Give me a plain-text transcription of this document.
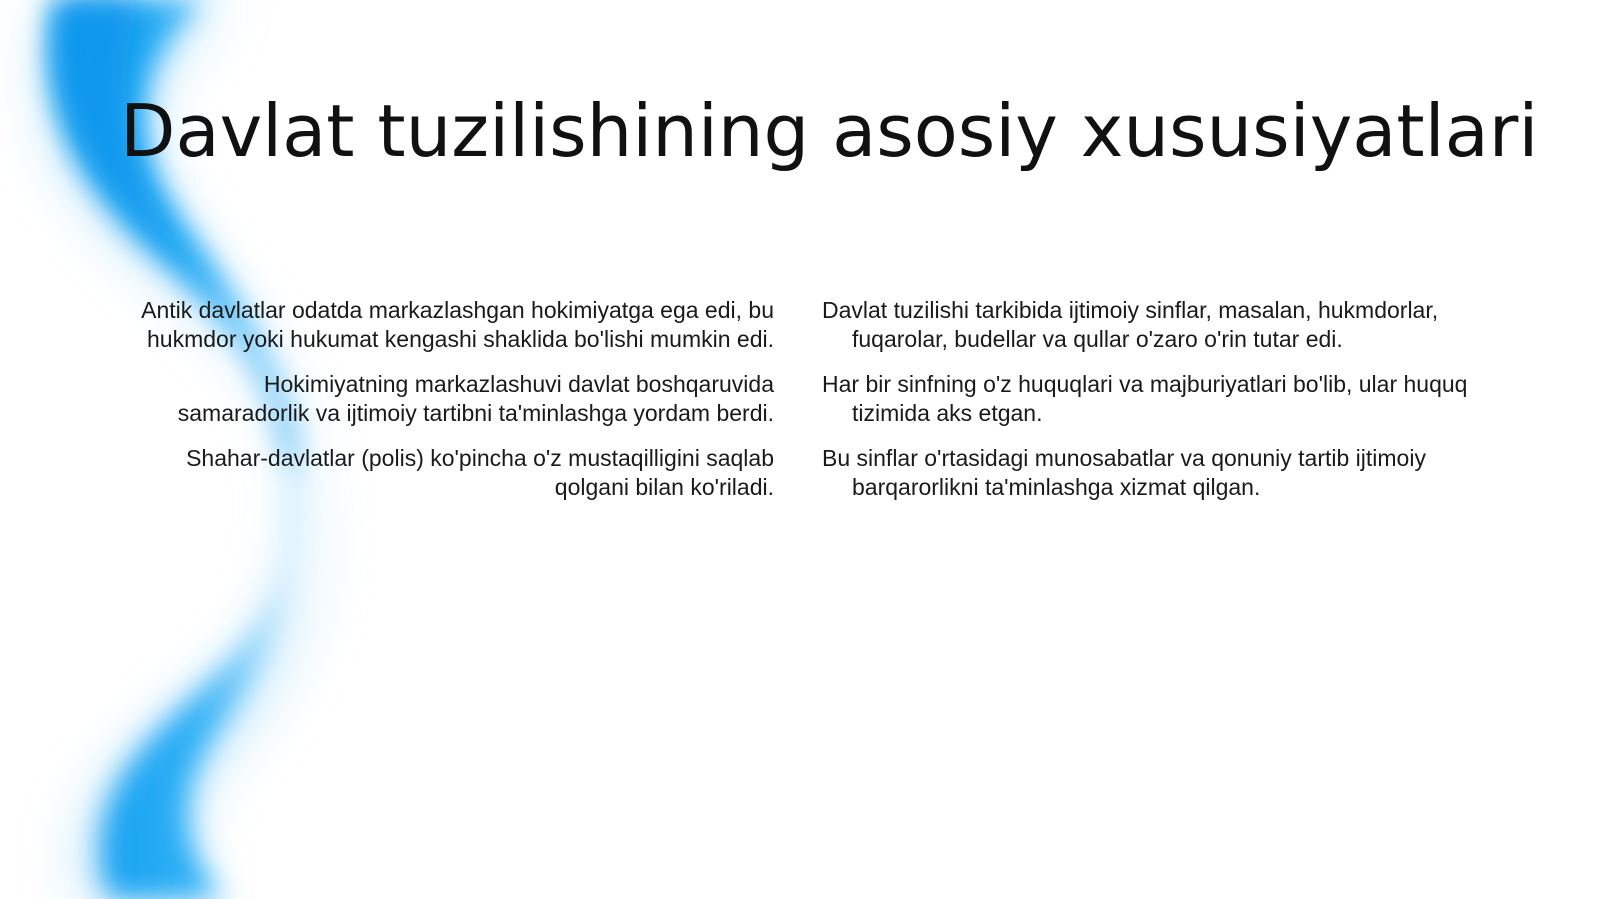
Davlat tuzilishining asosiy xususiyatlari
Antik davlatlar odatda markazlashgan hokimiyatga ega edi, bu hukmdor yoki hukumat kengashi shaklida bo'lishi mumkin edi.
Hokimiyatning markazlashuvi davlat boshqaruvida samaradorlik va ijtimoiy tartibni ta'minlashga yordam berdi.
Shahar-davlatlar (polis) ko'pincha o'z mustaqilligini saqlab qolgani bilan ko'riladi.
Davlat tuzilishi tarkibida ijtimoiy sinflar, masalan, hukmdorlar, fuqarolar, budellar va qullar o'zaro o'rin tutar edi.
Har bir sinfning o'z huquqlari va majburiyatlari bo'lib, ular huquq tizimida aks etgan.
Bu sinflar o'rtasidagi munosabatlar va qonuniy tartib ijtimoiy barqarorlikni ta'minlashga xizmat qilgan.
